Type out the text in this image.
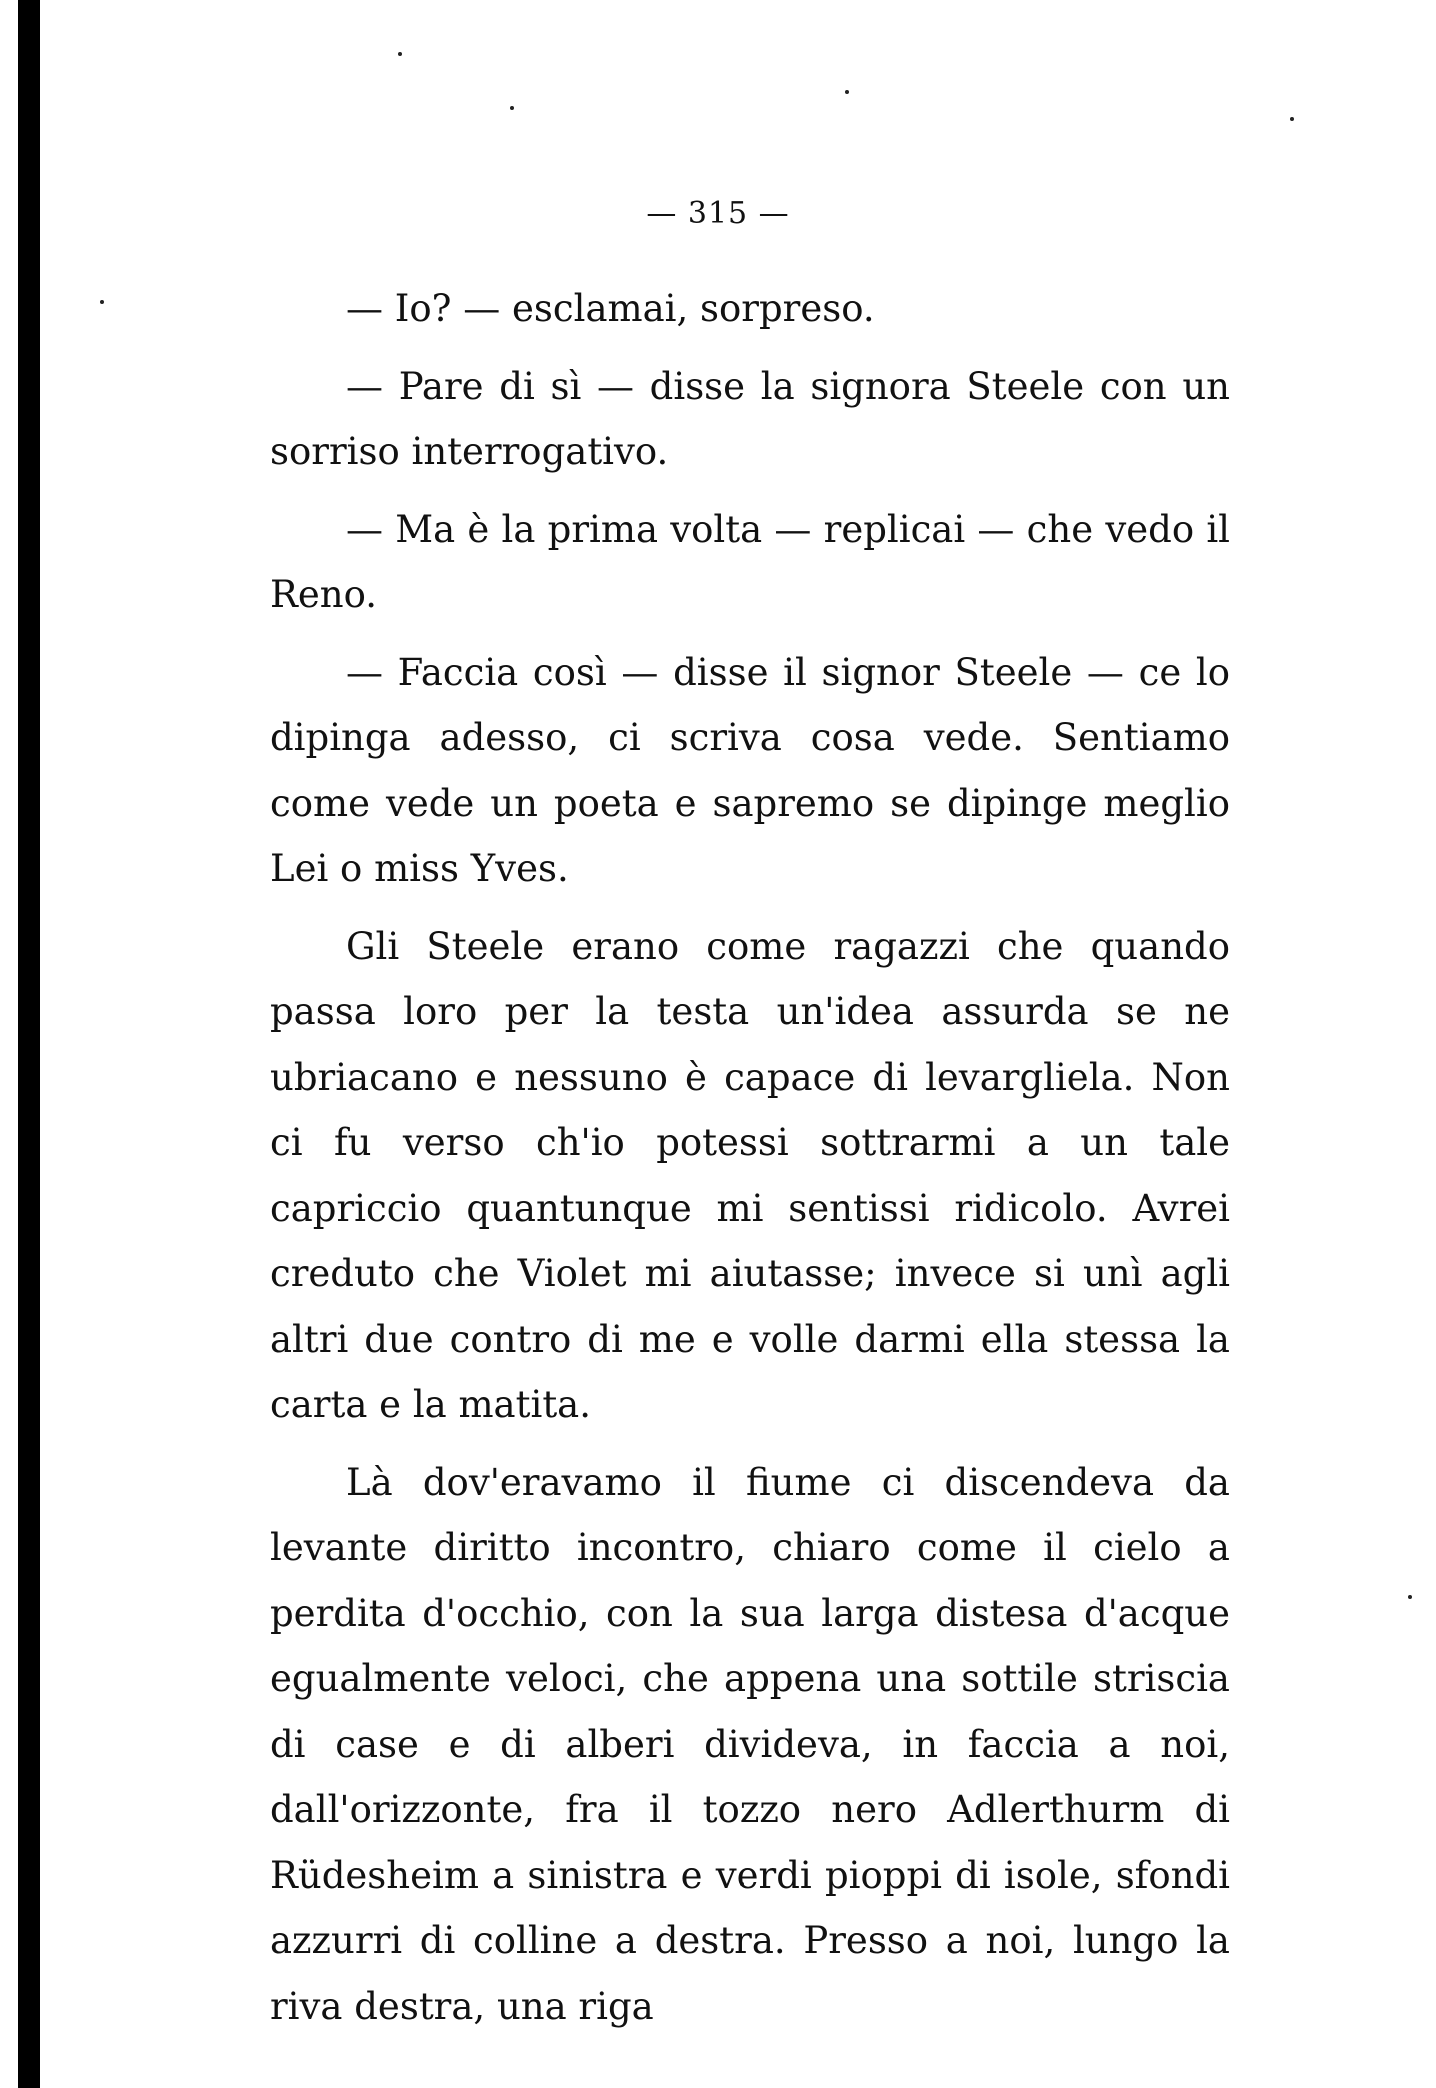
— 315 —

— Io? — esclamai, sorpreso.

— Pare di sì — disse la signora Steele con un sorriso interrogativo.

— Ma è la prima volta — replicai — che vedo il Reno.

— Faccia così — disse il signor Steele — ce lo dipinga adesso, ci scriva cosa vede. Sentiamo come vede un poeta e sapremo se dipinge meglio Lei o miss Yves.

Gli Steele erano come ragazzi che quando passa loro per la testa un'idea assurda se ne ubriacano e nessuno è capace di levargliela. Non ci fu verso ch'io potessi sottrarmi a un tale capriccio quantunque mi sentissi ridicolo. Avrei creduto che Violet mi aiutasse; invece si unì agli altri due contro di me e volle darmi ella stessa la carta e la matita.

Là dov'eravamo il fiume ci discendeva da levante diritto incontro, chiaro come il cielo a perdita d'occhio, con la sua larga distesa d'acque egualmente veloci, che appena una sottile striscia di case e di alberi divideva, in faccia a noi, dall'orizzonte, fra il tozzo nero Adlerthurm di Rüdesheim a sinistra e verdi pioppi di isole, sfondi azzurri di colline a destra. Presso a noi, lungo la riva destra, una riga
